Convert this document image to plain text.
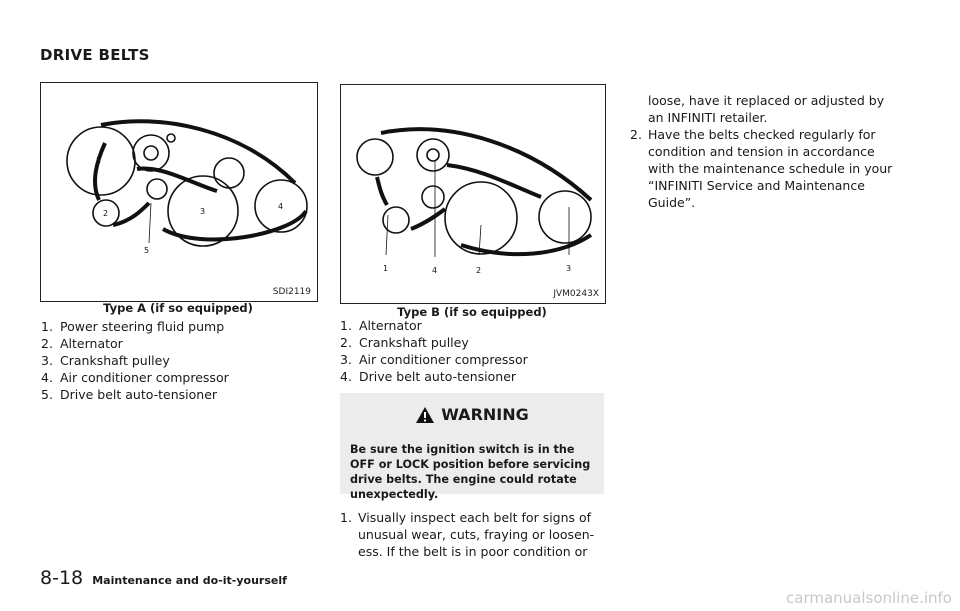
DRIVE BELTS
1
2	3
4
5
SDI2119
Type A (if so equipped)
1. Power steering fluid pump
2. Alternator
3. Crankshaft pulley
4. Air conditioner compressor
5. Drive belt auto-tensioner
1	4	2	3
JVM0243X
Type B (if so equipped)
1. Alternator
2. Crankshaft pulley
3. Air conditioner compressor
4. Drive belt auto-tensioner
WARNING
Be sure the ignition switch is in the OFF or LOCK position before servicing drive belts. The engine could rotate unexpectedly.
1. Visually inspect each belt for signs of unusual wear, cuts, fraying or loosen-ess. If the belt is in poor condition or

loose, have it replaced or adjusted by an INFINITI retailer.

2. Have the belts checked regularly for condition and tension in accordance with the maintenance schedule in your “INFINITI Service and Maintenance Guide”.

8-18 Maintenance and do-it-yourself
carmanualsonline.info
